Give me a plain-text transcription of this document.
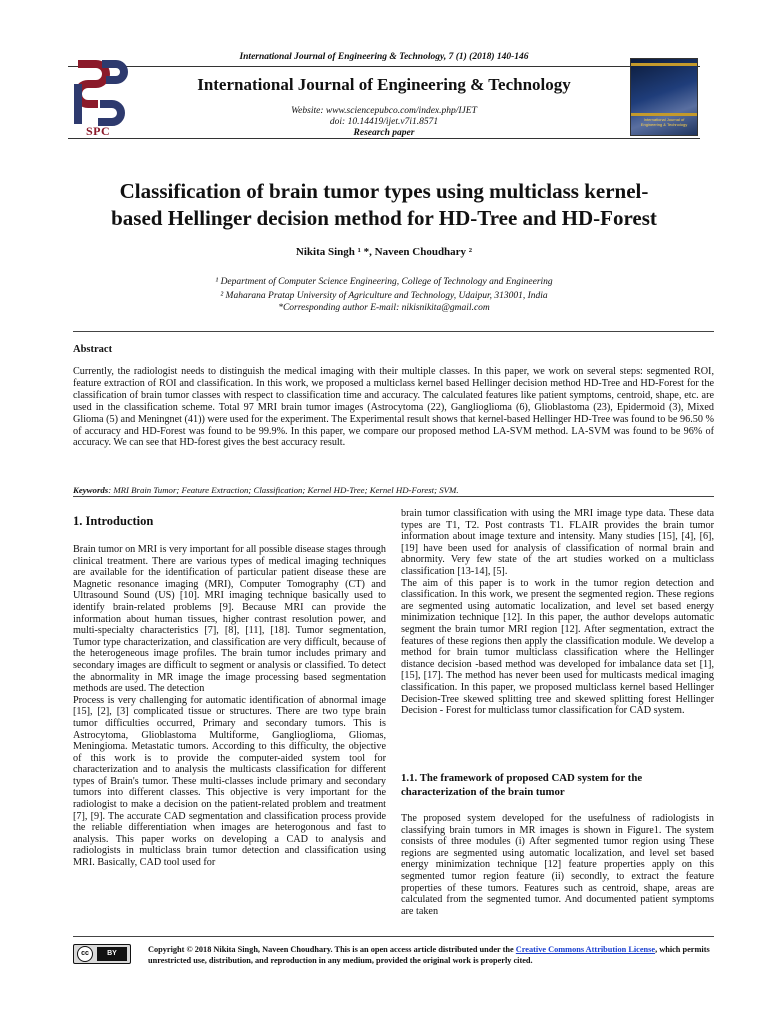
International Journal of Engineering & Technology, 7 (1) (2018) 140-146
SPC
International Journal of Engineering & Technology
Website: www.sciencepubco.com/index.php/IJET
doi: 10.14419/ijet.v7i1.8571
Research paper
International Journal of Engineering & Technology
Classification of brain tumor types using multiclass kernel-
based Hellinger decision method for HD-Tree and HD-Forest
Nikita Singh ¹ *, Naveen Choudhary ²
¹ Department of Computer Science Engineering, College of Technology and Engineering
² Maharana Pratap University of Agriculture and Technology, Udaipur, 313001, India
*Corresponding author E-mail: nikisnikita@gmail.com
Abstract
Currently, the radiologist needs to distinguish the medical imaging with their multiple classes. In this paper, we work on several steps: segmented ROI, feature extraction of ROI and classification. In this work, we proposed a multiclass kernel based Hellinger decision method HD-Tree and HD-Forest for the classification of brain tumor classes with respect to classification time and accuracy. The calculated features like patient symptoms, centroid, shape, etc. are used in the classification scheme. Total 97 MRI brain tumor images (Astrocytoma (22), Ganglioglioma (6), Glioblastoma (23), Epidermoid (3), Mixed Glioma (5) and Meningnet (41)) were used for the experiment. The Experimental result shows that kernel-based Hellinger HD-Tree was found to be 96.50 % of accuracy and HD-Forest was found to be 99.9%. In this paper, we compare our proposed method LA-SVM method. LA-SVM was found to be 96% of accuracy. We can see that HD-forest gives the best accuracy result.
Keywords: MRI Brain Tumor; Feature Extraction; Classification; Kernel HD-Tree; Kernel HD-Forest; SVM.
1. Introduction

Brain tumor on MRI is very important for all possible disease stages through clinical treatment. There are various types of medical imaging techniques are available for the identification of particular patient disease these are Magnetic resonance imaging (MRI), Computer Tomography (CT) and Ultrasound Sound (US) [10]. MRI imaging technique basically used to identify brain-related problems [9]. Because MRI can provide the information about human tissues, higher contrast resolution power, and multi-specialty characteristics [7], [8], [11], [18]. Tumor segmentation, Tumor type characterization, and classification are very difficult, because of the heterogeneous image profiles. The brain tumor includes primary and secondary images are difficult to segment or analysis or classified. To detect the abnormality in MR image the image processing based segmentation methods are used. The detection

Process is very challenging for automatic identification of abnormal image [15], [2], [3] complicated tissue or structures. There are two type brain tumor difficulties occurred, Primary and secondary tumors. This is Astrocytoma, Glioblastoma Multiforme, Ganglioglioma, Gliomas, Meningioma. Metastatic tumors. According to this difficulty, the objective of this work is to provide the computer-aided system tool for characterization and to analysis the multicasts classification for different types of Brain's tumor. These multi-classes include primary and secondary tumors into different classes. This objective is very important for the radiologist to make a decision on the patient-related problem and treatment [7], [9]. The accurate CAD segmentation and classification process provide the reliable differentiation when images are heterogonous and fast to analysis. This paper works on developing a CAD to analysis and radiologists in multiclass brain tumor detection and classification using MRI. Basically, CAD tool used for

brain tumor classification with using the MRI image type data. These data types are T1, T2. Post contrasts T1. FLAIR provides the brain tumor information about image texture and intensity. Many studies [15], [4], [6], [19] have been used for analysis of classification of normal brain and abnormity. Very few state of the art studies worked on a multiclass classification [13-14], [5].

The aim of this paper is to work in the tumor region detection and classification. In this work, we present the segmented region. These regions are segmented using automatic localization, and level set based energy minimization technique [12]. In this paper, the author develops automatic segment the brain tumor MRI region [12]. After segmentation, extract the features of these regions then apply the classification module. We develop a method for brain tumor multiclass classification where the Hellinger distance decision -based method was developed for imbalance data set [1], [15], [17]. The method has never been used for multicasts medical imaging classification. In this paper, we proposed multiclass kernel based Hellinger Decision-Tree skewed splitting tree and skewed splitting forest Hellinger Decision - Forest for multiclass tumor classification for CAD system.

1.1. The framework of proposed CAD system for the characterization of the brain tumor

The proposed system developed for the usefulness of radiologists in classifying brain tumors in MR images is shown in Figure1. The system consists of three modules (i) After segmented tumor region using These regions are segmented using automatic localization, and level set based energy minimization technique [12] feature properties apply on this segmented tumor region feature (ii) secondly, to extract the feature properties of these tumors. Features such as centroid, shape, areas are calculated from the segmented tumor. And documented patient symptoms are taken

cc	BY	Copyright © 2018 Nikita Singh, Naveen Choudhary. This is an open access article distributed under the Creative Commons Attribution License, which permits unrestricted use, distribution, and reproduction in any medium, provided the original work is properly cited.
